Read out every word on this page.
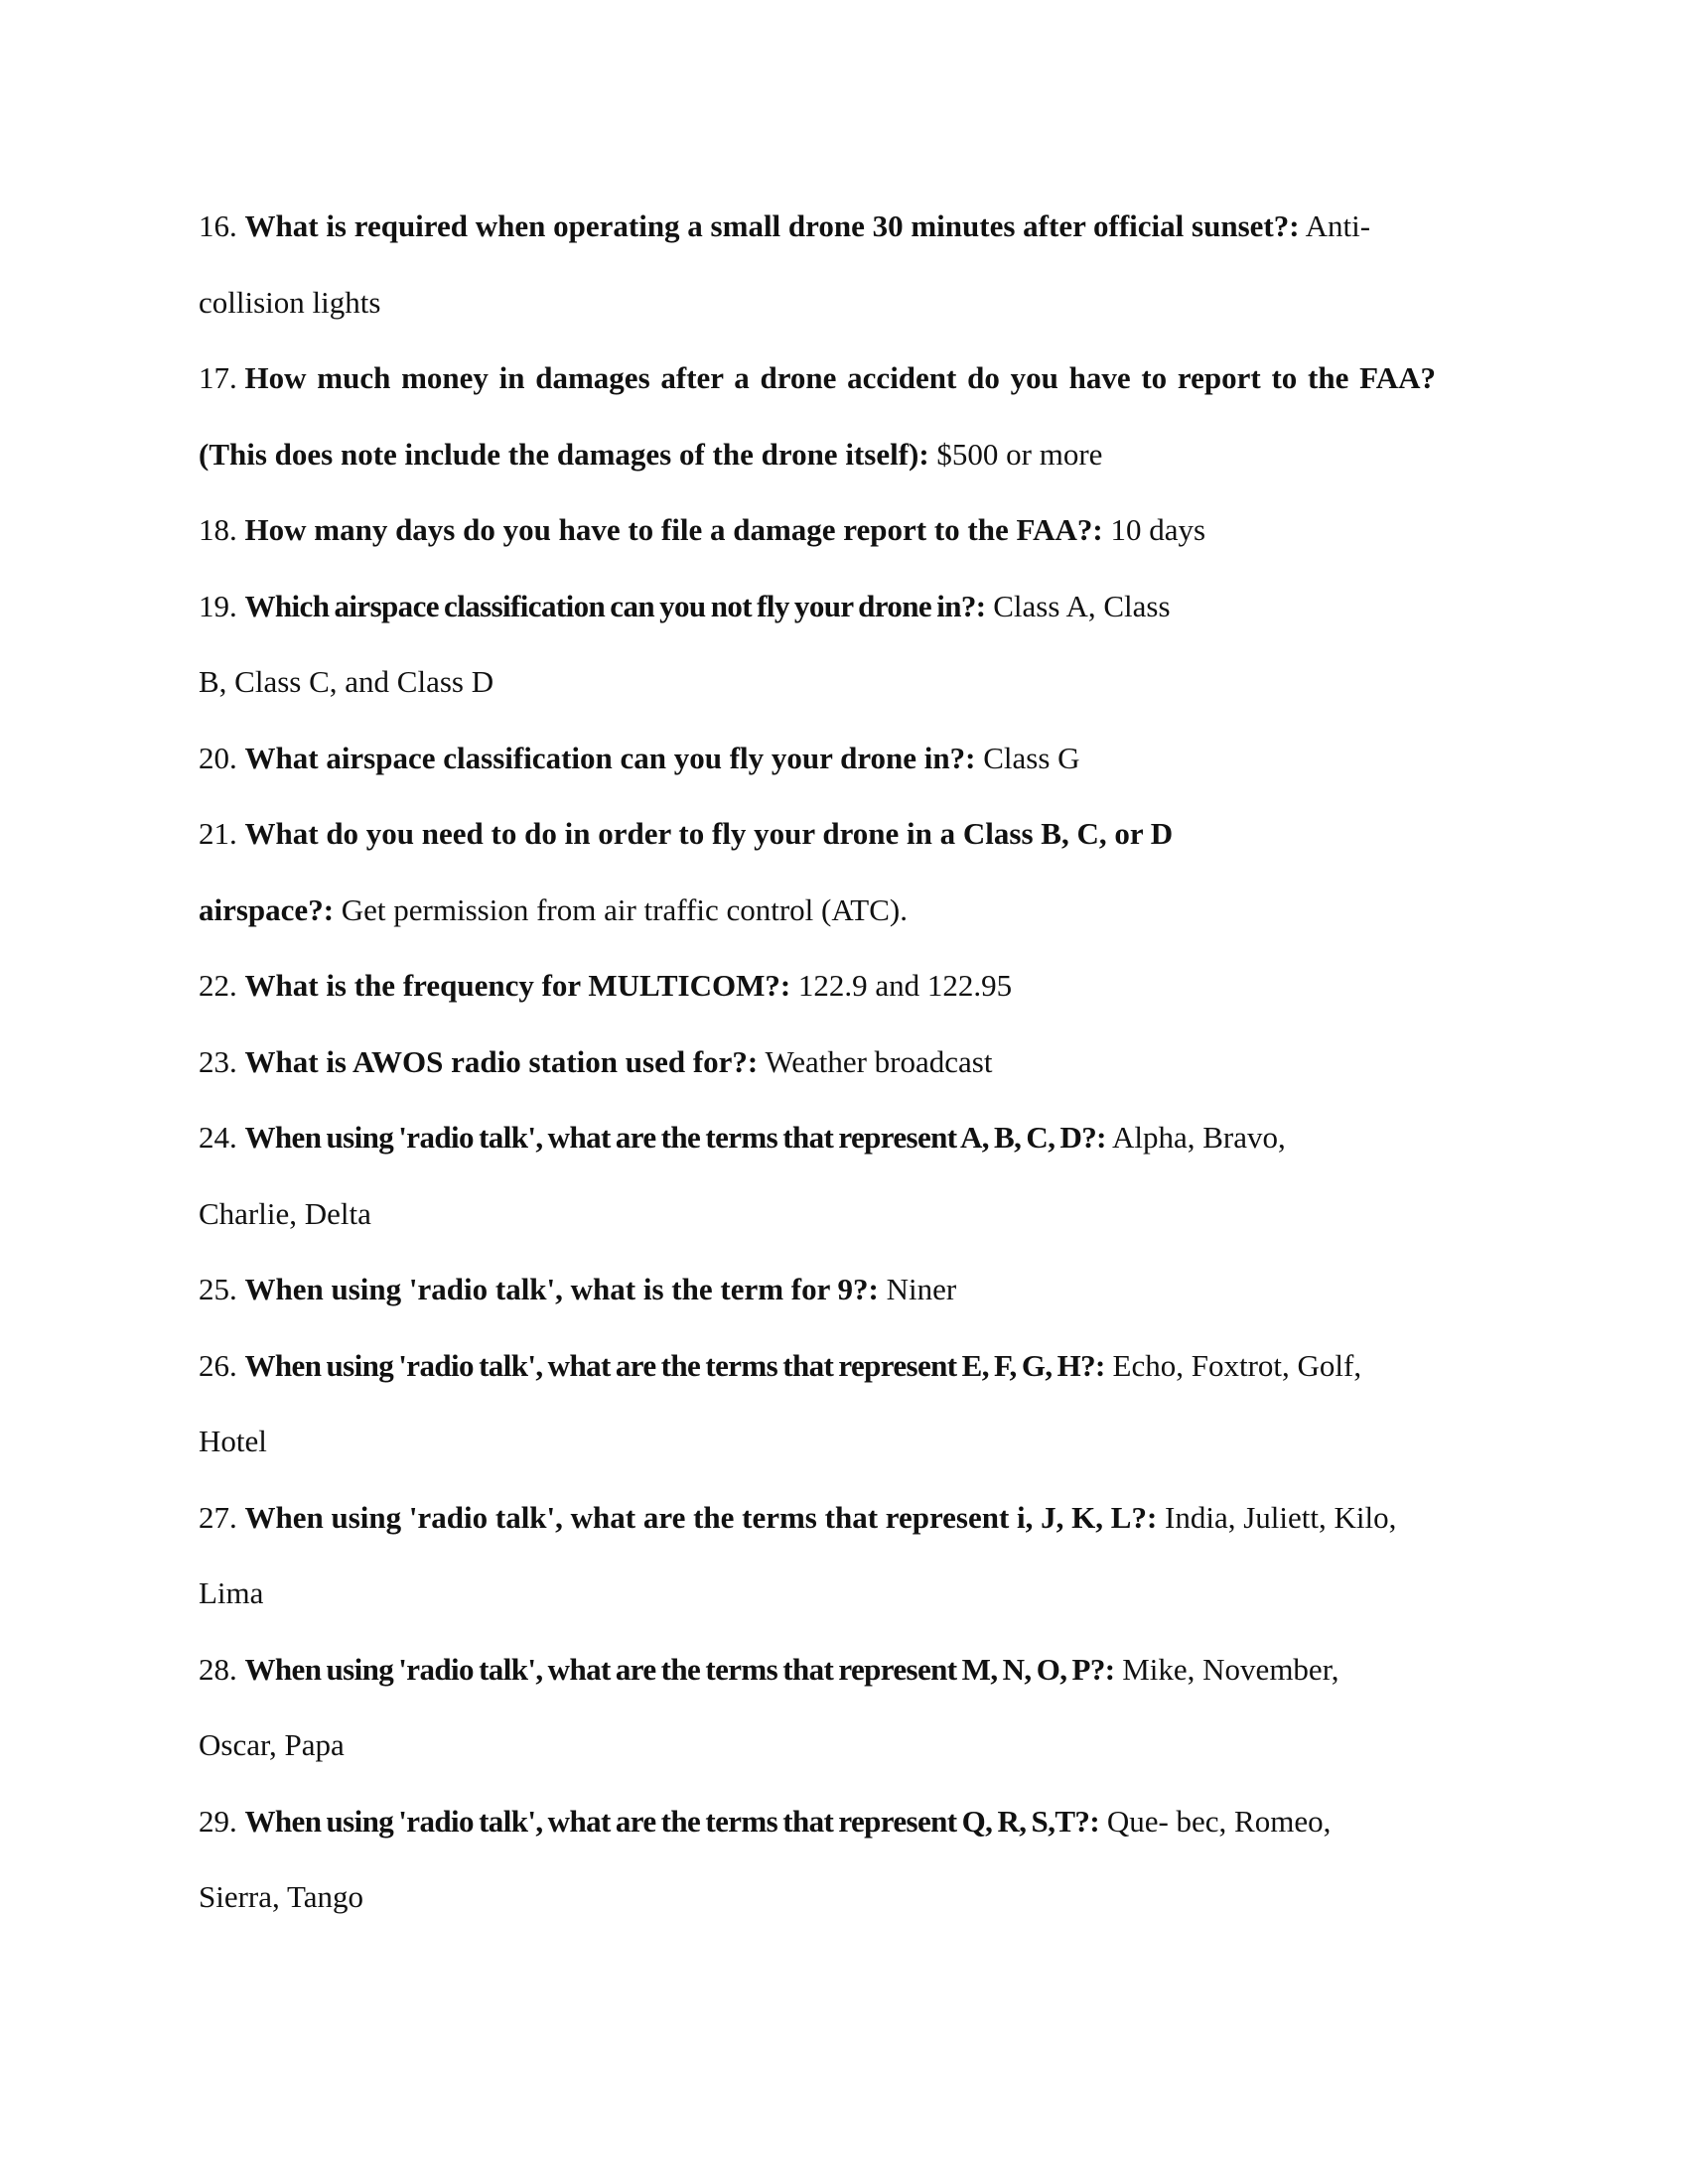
16. What is required when operating a small drone 30 minutes after official sunset?: Anti-
collision lights

17. How much money in damages after a drone accident do you have to report to the FAA?
(This does note include the damages of the drone itself): $500 or more

18. How many days do you have to file a damage report to the FAA?: 10 days

19. Which airspace classification can you not fly your drone in?: Class A, Class
B, Class C, and Class D

20. What airspace classification can you fly your drone in?: Class G

21. What do you need to do in order to fly your drone in a Class B, C, or D
airspace?: Get permission from air traffic control (ATC).

22. What is the frequency for MULTICOM?: 122.9 and 122.95

23. What is AWOS radio station used for?: Weather broadcast

24. When using 'radio talk', what are the terms that represent A, B, C, D?: Alpha, Bravo,
Charlie, Delta

25. When using 'radio talk', what is the term for 9?: Niner

26. When using 'radio talk', what are the terms that represent E, F, G, H?: Echo, Foxtrot, Golf,
Hotel

27. When using 'radio talk', what are the terms that represent i, J, K, L?: India, Juliett, Kilo,
Lima

28. When using 'radio talk', what are the terms that represent M, N, O, P?: Mike, November,
Oscar, Papa

29. When using 'radio talk', what are the terms that represent Q, R, S,T?: Que- bec, Romeo,
Sierra, Tango
